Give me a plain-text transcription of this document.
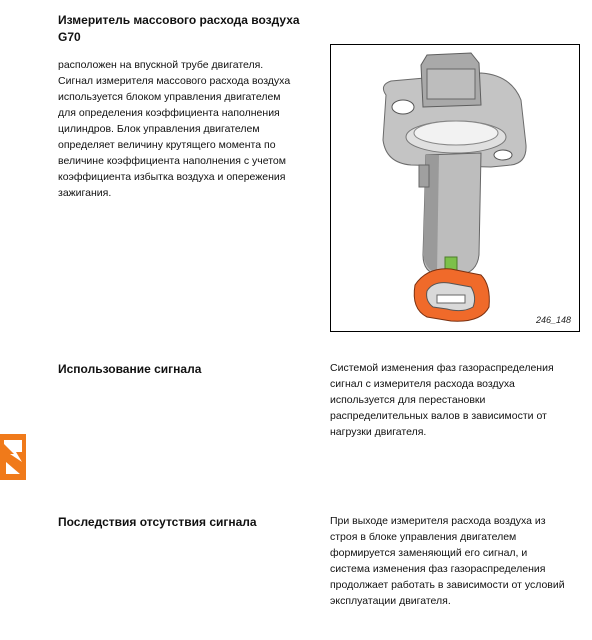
Измеритель массового расхода воздуха
G70
расположен на впускной трубе двигателя.
Сигнал измерителя массового расхода воздуха
используется блоком управления двигателем
для определения коэффициента наполнения
цилиндров. Блок управления двигателем
определяет величину крутящего момента по
величине коэффициента наполнения с учетом
коэффициента избытка воздуха и опережения
зажигания.
246_148
Использование сигнала	Системой изменения фаз газораспределения
сигнал с измерителя расхода воздуха
используется для перестановки
распределительных валов в зависимости от
нагрузки двигателя.
Последствия отсутствия сигнала	При выходе измерителя расхода воздуха из
строя в блоке управления двигателем
формируется заменяющий его сигнал, и
система изменения фаз газораспределения
продолжает работать в зависимости от условий
эксплуатации двигателя.
